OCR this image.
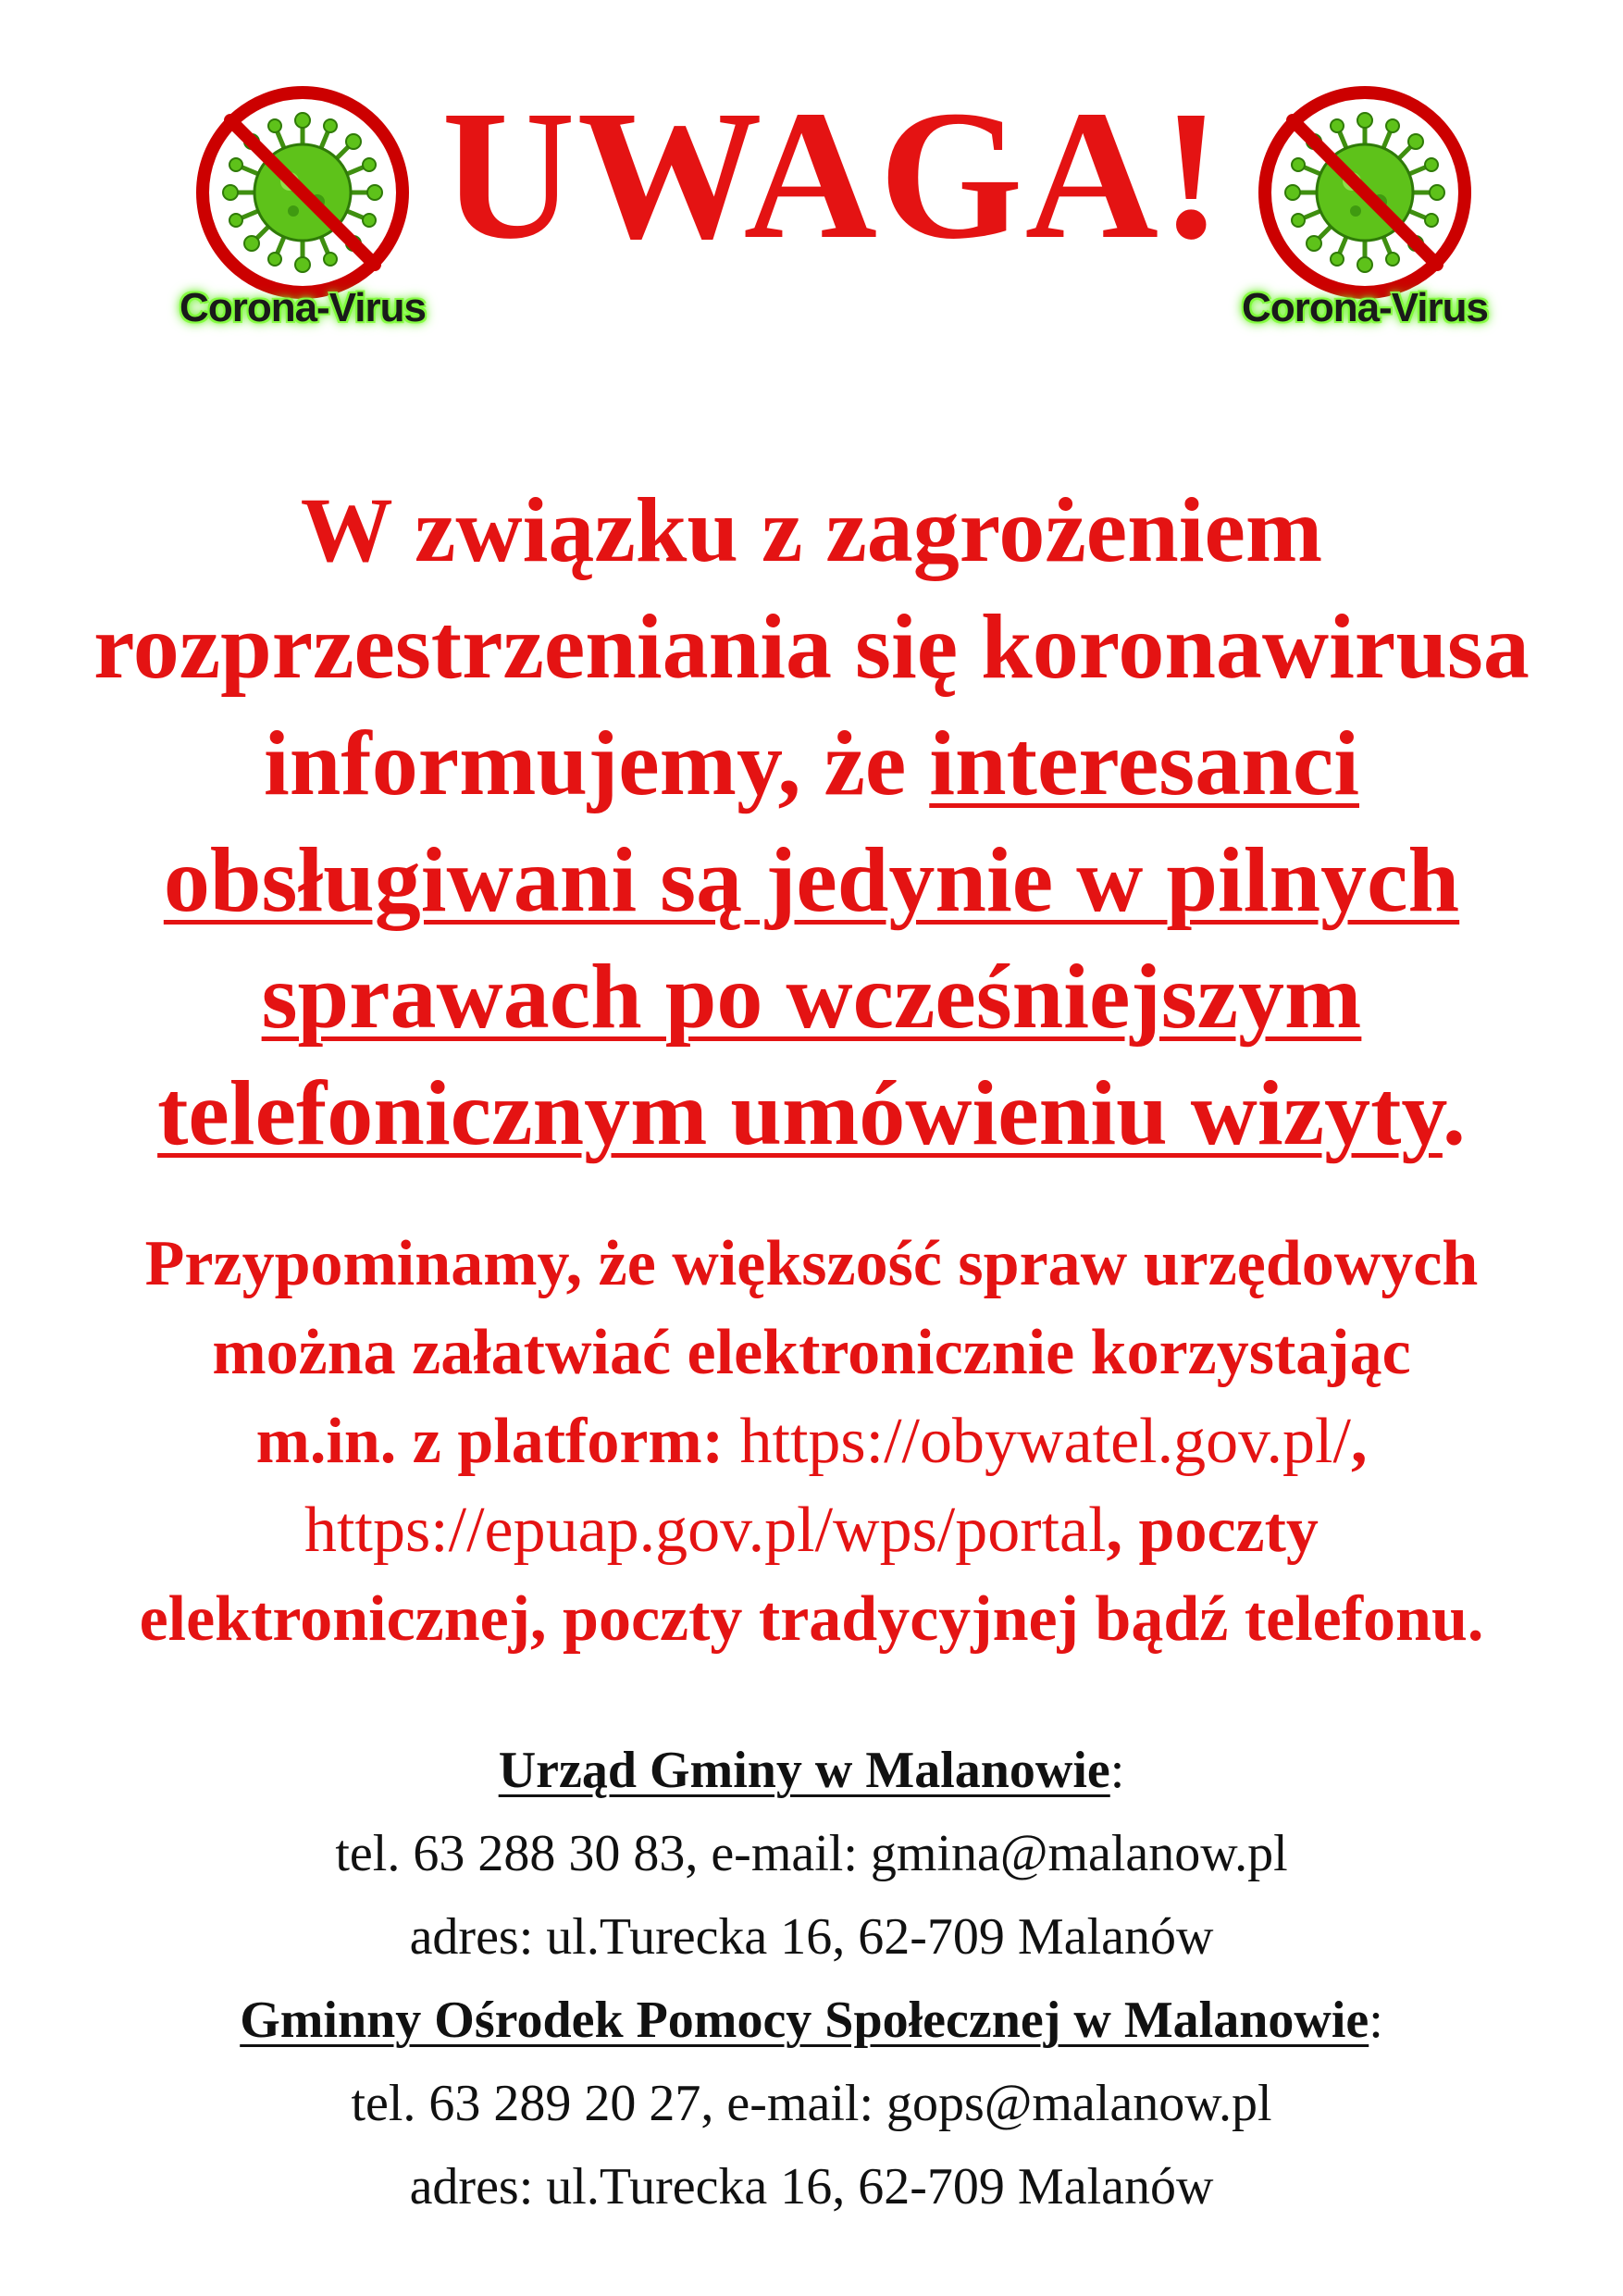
Corona-Virus
UWAGA!
Corona-Virus
W związku z zagrożeniem
rozprzestrzeniania się koronawirusa
informujemy, że interesanci
obsługiwani są jedynie w pilnych
sprawach po wcześniejszym
telefonicznym umówieniu wizyty.
Przypominamy, że większość spraw urzędowych
można załatwiać elektronicznie korzystając
m.in. z platform: https://obywatel.gov.pl/,
https://epuap.gov.pl/wps/portal, poczty
elektronicznej, poczty tradycyjnej bądź telefonu.
Urząd Gminy w Malanowie:
tel. 63 288 30 83, e-mail: gmina@malanow.pl
adres: ul.Turecka 16, 62-709 Malanów
Gminny Ośrodek Pomocy Społecznej w Malanowie:
tel. 63 289 20 27, e-mail: gops@malanow.pl
adres: ul.Turecka 16, 62-709 Malanów
